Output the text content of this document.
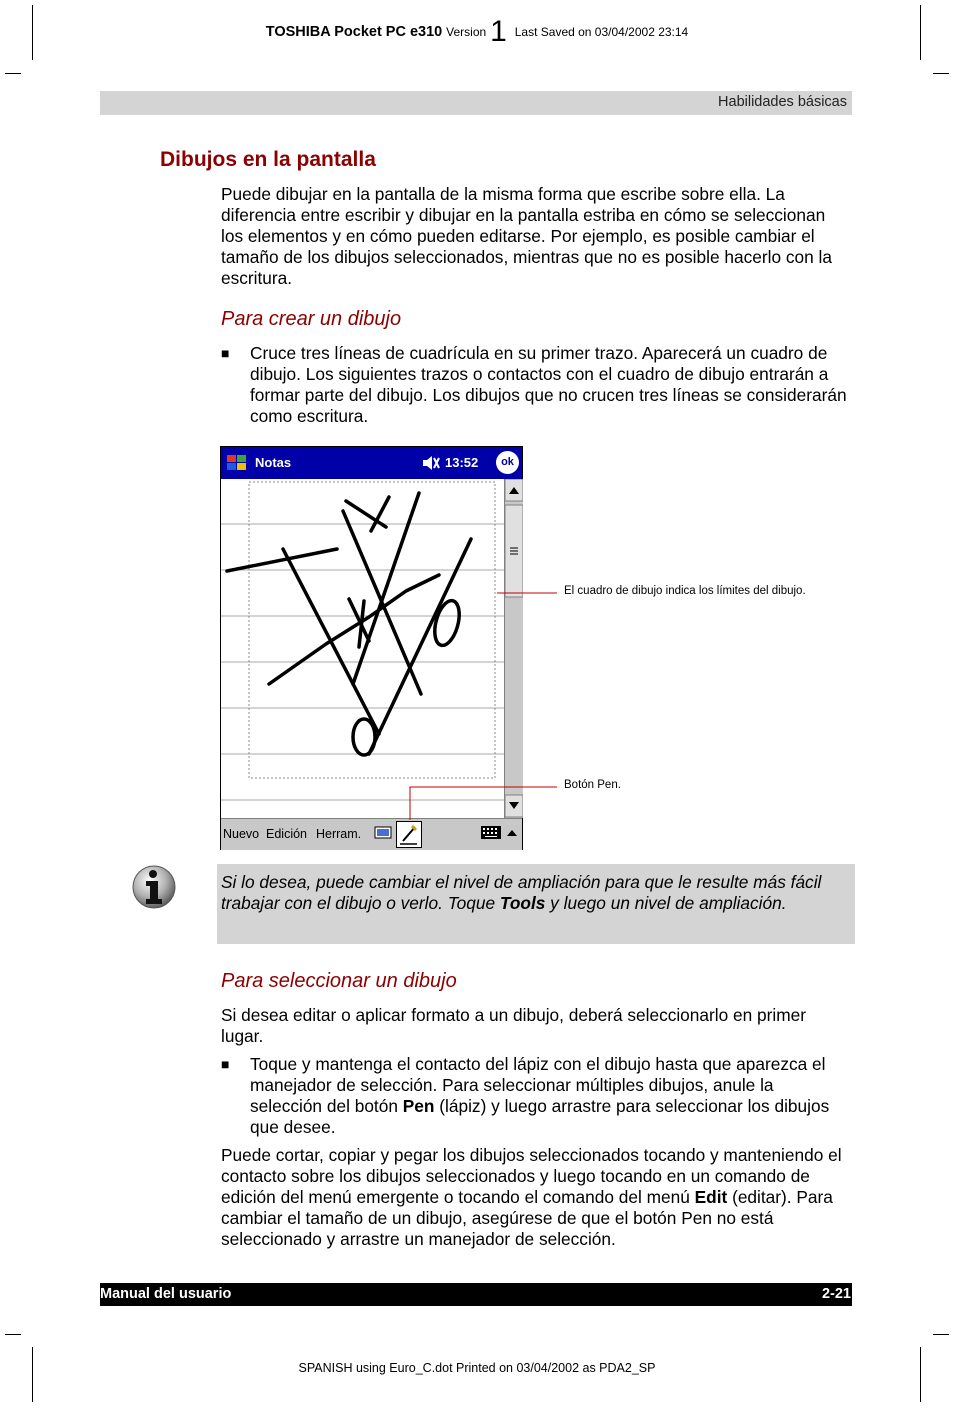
TOSHIBA Pocket PC e310 Version 1 Last Saved on 03/04/2002 23:14
Habilidades básicas
Dibujos en la pantalla
Puede dibujar en la pantalla de la misma forma que escribe sobre ella. La diferencia entre escribir y dibujar en la pantalla estriba en cómo se seleccionan los elementos y en cómo pueden editarse. Por ejemplo, es posible cambiar el tamaño de los dibujos seleccionados, mientras que no es posible hacerlo con la escritura.
Para crear un dibujo
■ Cruce tres líneas de cuadrícula en su primer trazo. Aparecerá un cuadro de dibujo. Los siguientes trazos o contactos con el cuadro de dibujo entrarán a formar parte del dibujo. Los dibujos que no crucen tres líneas se considerarán como escritura.
Notas	13:52	ok
Nuevo Edición Herram.
El cuadro de dibujo indica los límites del dibujo.
Botón Pen.

Si lo desea, puede cambiar el nivel de ampliación para que le resulte más fácil trabajar con el dibujo o verlo. Toque Tools y luego un nivel de ampliación.

Para seleccionar un dibujo
Si desea editar o aplicar formato a un dibujo, deberá seleccionarlo en primer lugar.
■ Toque y mantenga el contacto del lápiz con el dibujo hasta que aparezca el manejador de selección. Para seleccionar múltiples dibujos, anule la selección del botón Pen (lápiz) y luego arrastre para seleccionar los dibujos que desee.
Puede cortar, copiar y pegar los dibujos seleccionados tocando y manteniendo el contacto sobre los dibujos seleccionados y luego tocando en un comando de edición del menú emergente o tocando el comando del menú Edit (editar). Para cambiar el tamaño de un dibujo, asegúrese de que el botón Pen no está seleccionado y arrastre un manejador de selección.
Manual del usuario	2-21
SPANISH using Euro_C.dot Printed on 03/04/2002 as PDA2_SP
